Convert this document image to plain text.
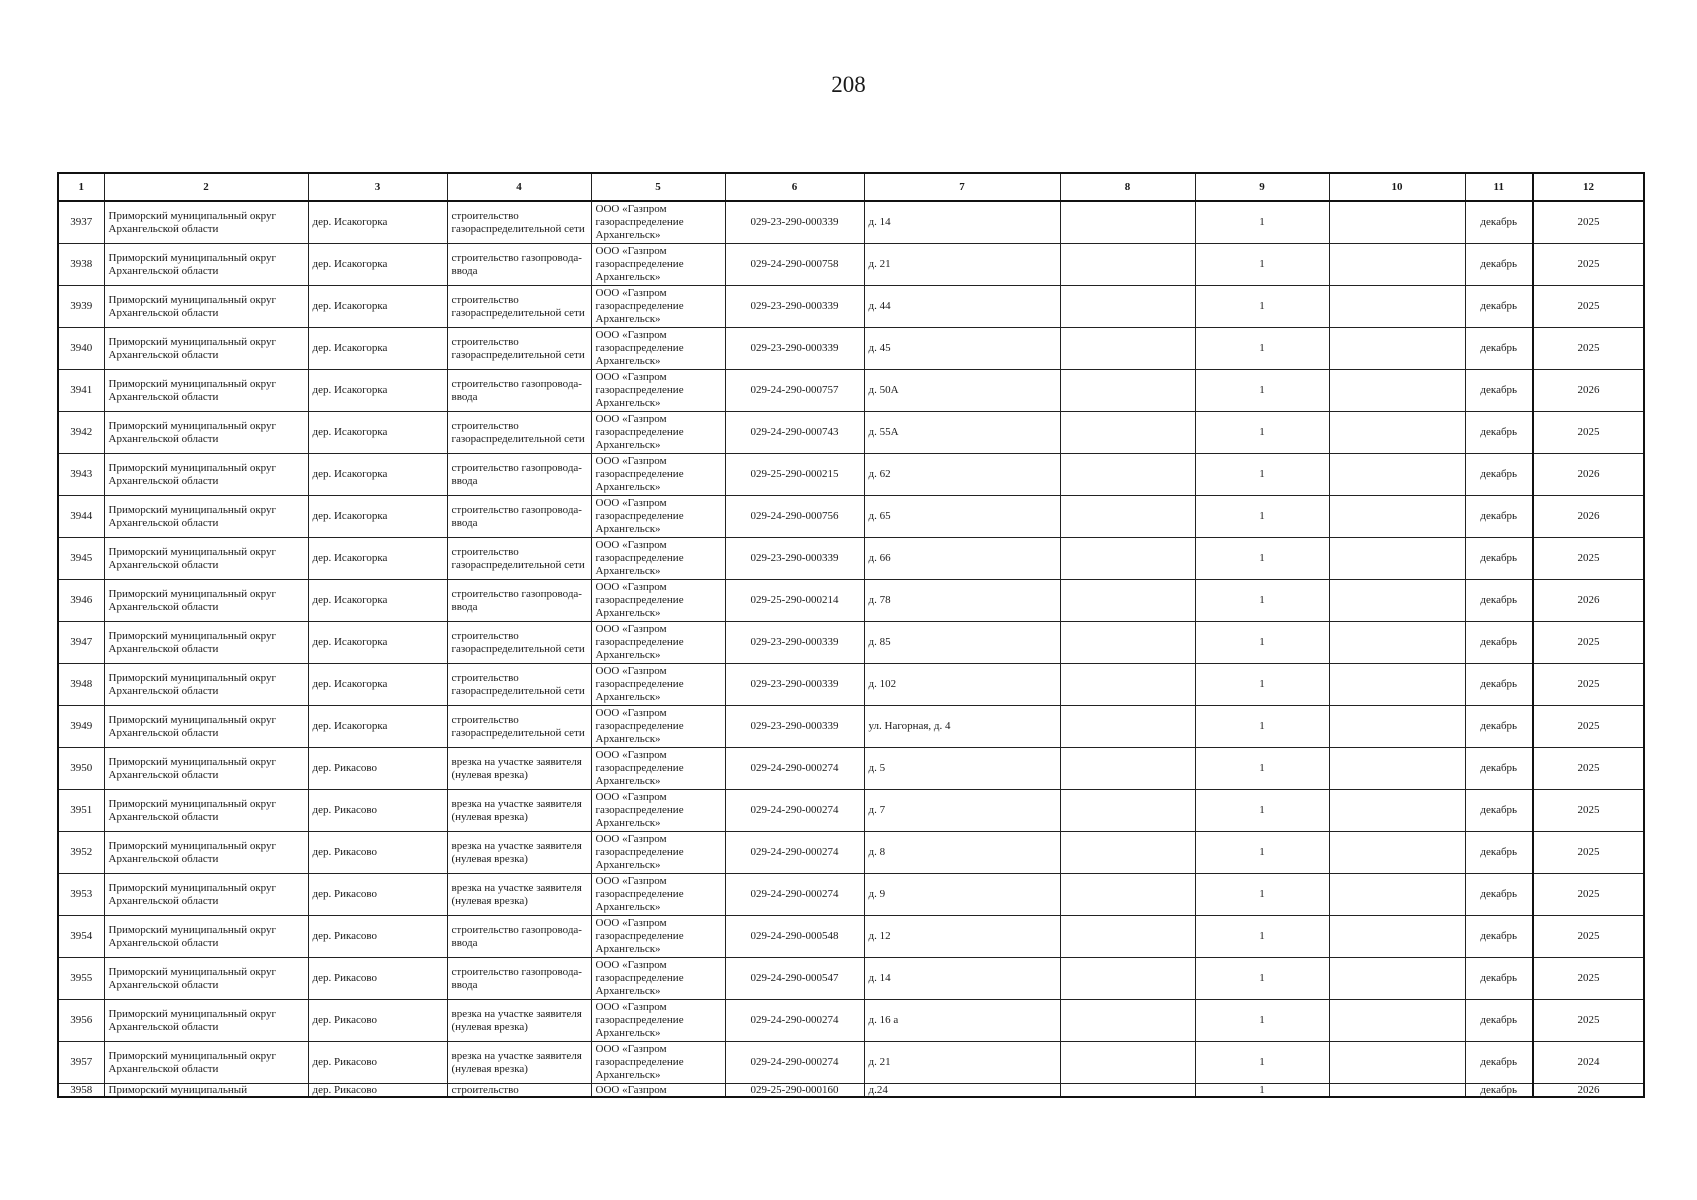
208
1	2	3	4	5	6	7	8	9	10	11	12
3937	Приморский муниципальный округ Архангельской области	дер. Исакогорка	строительство газораспределительной сети	ООО «Газпром газораспределение Архангельск»	029-23-290-000339	д. 14		1		декабрь	2025
3938	Приморский муниципальный округ Архангельской области	дер. Исакогорка	строительство газопровода-ввода	ООО «Газпром газораспределение Архангельск»	029-24-290-000758	д. 21		1		декабрь	2025
3939	Приморский муниципальный округ Архангельской области	дер. Исакогорка	строительство газораспределительной сети	ООО «Газпром газораспределение Архангельск»	029-23-290-000339	д. 44		1		декабрь	2025
3940	Приморский муниципальный округ Архангельской области	дер. Исакогорка	строительство газораспределительной сети	ООО «Газпром газораспределение Архангельск»	029-23-290-000339	д. 45		1		декабрь	2025
3941	Приморский муниципальный округ Архангельской области	дер. Исакогорка	строительство газопровода-ввода	ООО «Газпром газораспределение Архангельск»	029-24-290-000757	д. 50А		1		декабрь	2026
3942	Приморский муниципальный округ Архангельской области	дер. Исакогорка	строительство газораспределительной сети	ООО «Газпром газораспределение Архангельск»	029-24-290-000743	д. 55А		1		декабрь	2025
3943	Приморский муниципальный округ Архангельской области	дер. Исакогорка	строительство газопровода-ввода	ООО «Газпром газораспределение Архангельск»	029-25-290-000215	д. 62		1		декабрь	2026
3944	Приморский муниципальный округ Архангельской области	дер. Исакогорка	строительство газопровода-ввода	ООО «Газпром газораспределение Архангельск»	029-24-290-000756	д. 65		1		декабрь	2026
3945	Приморский муниципальный округ Архангельской области	дер. Исакогорка	строительство газораспределительной сети	ООО «Газпром газораспределение Архангельск»	029-23-290-000339	д. 66		1		декабрь	2025
3946	Приморский муниципальный округ Архангельской области	дер. Исакогорка	строительство газопровода-ввода	ООО «Газпром газораспределение Архангельск»	029-25-290-000214	д. 78		1		декабрь	2026
3947	Приморский муниципальный округ Архангельской области	дер. Исакогорка	строительство газораспределительной сети	ООО «Газпром газораспределение Архангельск»	029-23-290-000339	д. 85		1		декабрь	2025
3948	Приморский муниципальный округ Архангельской области	дер. Исакогорка	строительство газораспределительной сети	ООО «Газпром газораспределение Архангельск»	029-23-290-000339	д. 102		1		декабрь	2025
3949	Приморский муниципальный округ Архангельской области	дер. Исакогорка	строительство газораспределительной сети	ООО «Газпром газораспределение Архангельск»	029-23-290-000339	ул. Нагорная, д. 4		1		декабрь	2025
3950	Приморский муниципальный округ Архангельской области	дер. Рикасово	врезка на участке заявителя (нулевая врезка)	ООО «Газпром газораспределение Архангельск»	029-24-290-000274	д. 5		1		декабрь	2025
3951	Приморский муниципальный округ Архангельской области	дер. Рикасово	врезка на участке заявителя (нулевая врезка)	ООО «Газпром газораспределение Архангельск»	029-24-290-000274	д. 7		1		декабрь	2025
3952	Приморский муниципальный округ Архангельской области	дер. Рикасово	врезка на участке заявителя (нулевая врезка)	ООО «Газпром газораспределение Архангельск»	029-24-290-000274	д. 8		1		декабрь	2025
3953	Приморский муниципальный округ Архангельской области	дер. Рикасово	врезка на участке заявителя (нулевая врезка)	ООО «Газпром газораспределение Архангельск»	029-24-290-000274	д. 9		1		декабрь	2025
3954	Приморский муниципальный округ Архангельской области	дер. Рикасово	строительство газопровода-ввода	ООО «Газпром газораспределение Архангельск»	029-24-290-000548	д. 12		1		декабрь	2025
3955	Приморский муниципальный округ Архангельской области	дер. Рикасово	строительство газопровода-ввода	ООО «Газпром газораспределение Архангельск»	029-24-290-000547	д. 14		1		декабрь	2025
3956	Приморский муниципальный округ Архангельской области	дер. Рикасово	врезка на участке заявителя (нулевая врезка)	ООО «Газпром газораспределение Архангельск»	029-24-290-000274	д. 16 а		1		декабрь	2025
3957	Приморский муниципальный округ Архангельской области	дер. Рикасово	врезка на участке заявителя (нулевая врезка)	ООО «Газпром газораспределение Архангельск»	029-24-290-000274	д. 21		1		декабрь	2024
3958	Приморский муниципальный	дер. Рикасово	строительство	ООО «Газпром	029-25-290-000160	д.24		1		декабрь	2026
